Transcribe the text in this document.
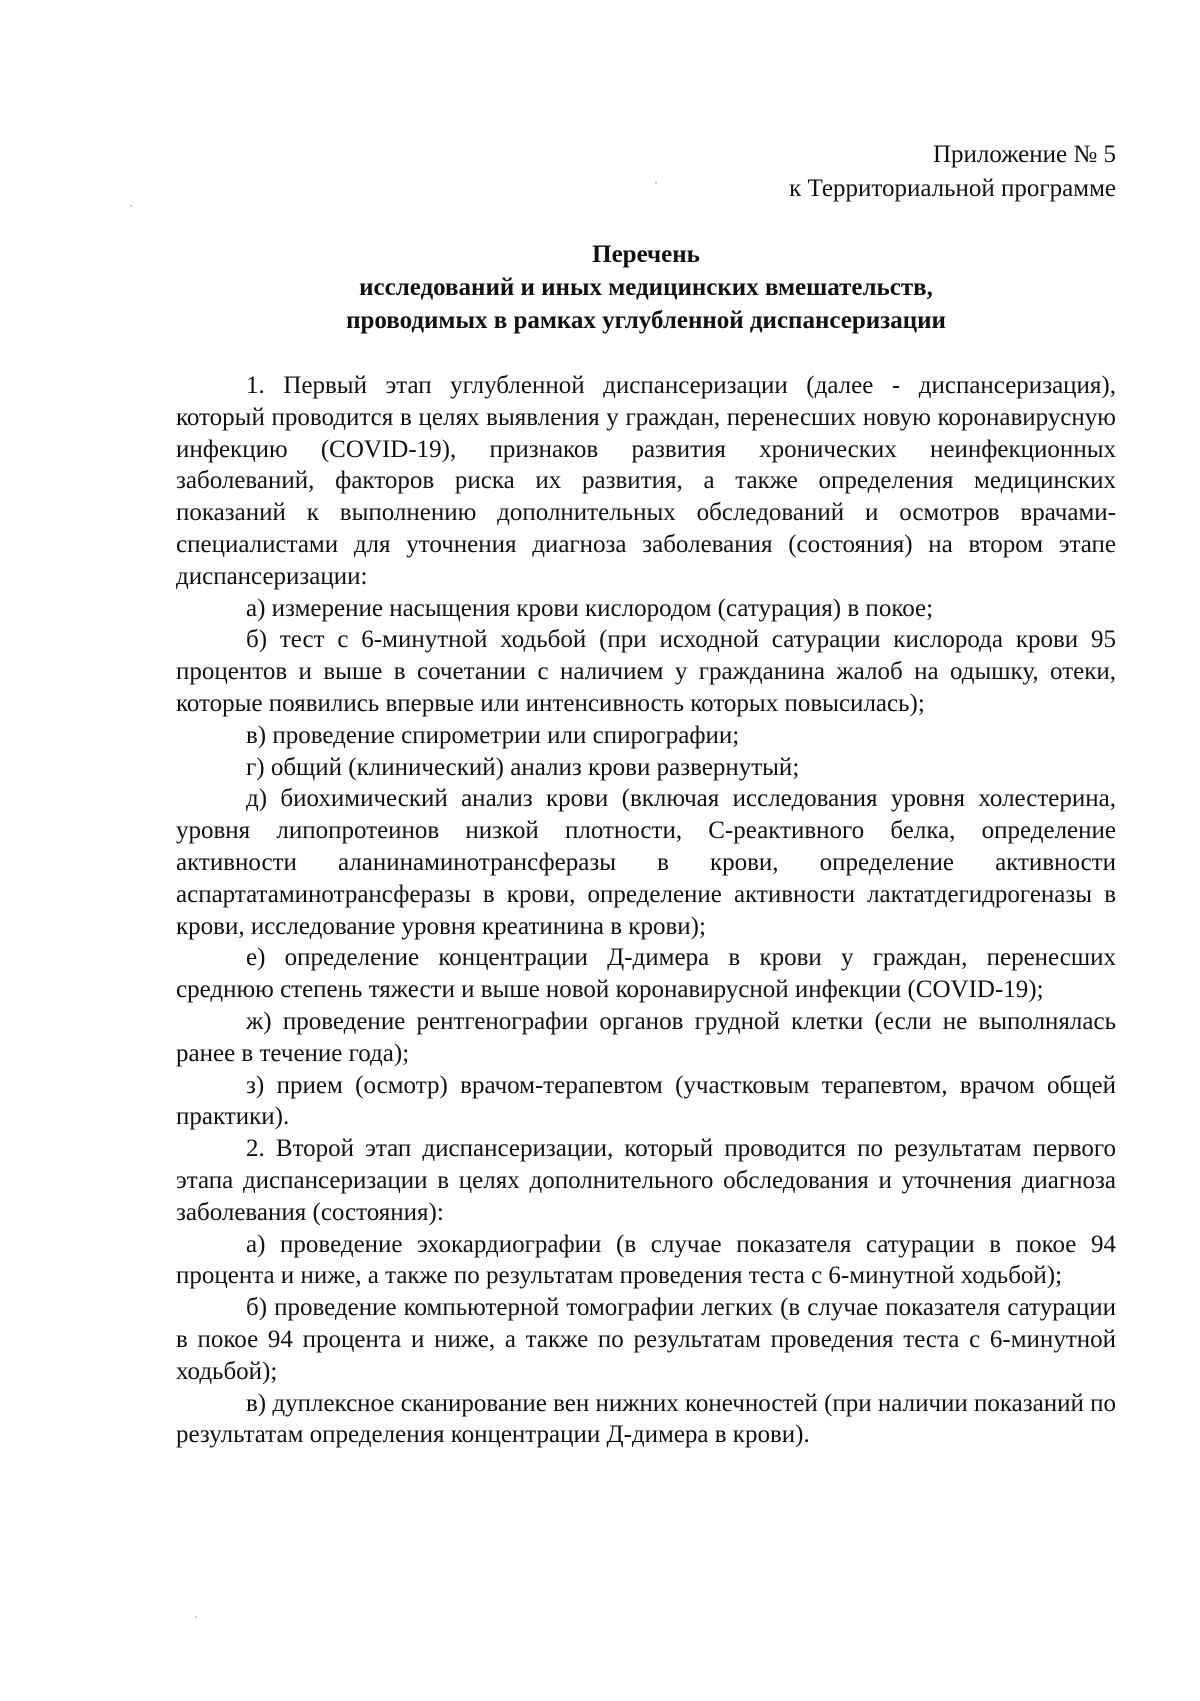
Приложение № 5
к Территориальной программе
Перечень
исследований и иных медицинских вмешательств,
проводимых в рамках углубленной диспансеризации

1. Первый этап углубленной диспансеризации (далее - диспансеризация), который проводится в целях выявления у граждан, перенесших новую коронавирусную инфекцию (COVID-19), признаков развития хронических неинфекционных заболеваний, факторов риска их развития, а также определения медицинских показаний к выполнению дополнительных обследований и осмотров врачами-специалистами для уточнения диагноза заболевания (состояния) на втором этапе диспансеризации:

а) измерение насыщения крови кислородом (сатурация) в покое;

б) тест с 6-минутной ходьбой (при исходной сатурации кислорода крови 95 процентов и выше в сочетании с наличием у гражданина жалоб на одышку, отеки, которые появились впервые или интенсивность которых повысилась);

в) проведение спирометрии или спирографии;

г) общий (клинический) анализ крови развернутый;

д) биохимический анализ крови (включая исследования уровня холестерина, уровня липопротеинов низкой плотности, С-реактивного белка, определение активности аланинаминотрансферазы в крови, определение активности аспартатаминотрансферазы в крови, определение активности лактатдегидрогеназы в крови, исследование уровня креатинина в крови);

е) определение концентрации Д-димера в крови у граждан, перенесших среднюю степень тяжести и выше новой коронавирусной инфекции (COVID-19);

ж) проведение рентгенографии органов грудной клетки (если не выполнялась ранее в течение года);

з) прием (осмотр) врачом-терапевтом (участковым терапевтом, врачом общей практики).

2. Второй этап диспансеризации, который проводится по результатам первого этапа диспансеризации в целях дополнительного обследования и уточнения диагноза заболевания (состояния):

а) проведение эхокардиографии (в случае показателя сатурации в покое 94 процента и ниже, а также по результатам проведения теста с 6-минутной ходьбой);

б) проведение компьютерной томографии легких (в случае показателя сатурации в покое 94 процента и ниже, а также по результатам проведения теста с 6-минутной ходьбой);

в) дуплексное сканирование вен нижних конечностей (при наличии показаний по результатам определения концентрации Д-димера в крови).
